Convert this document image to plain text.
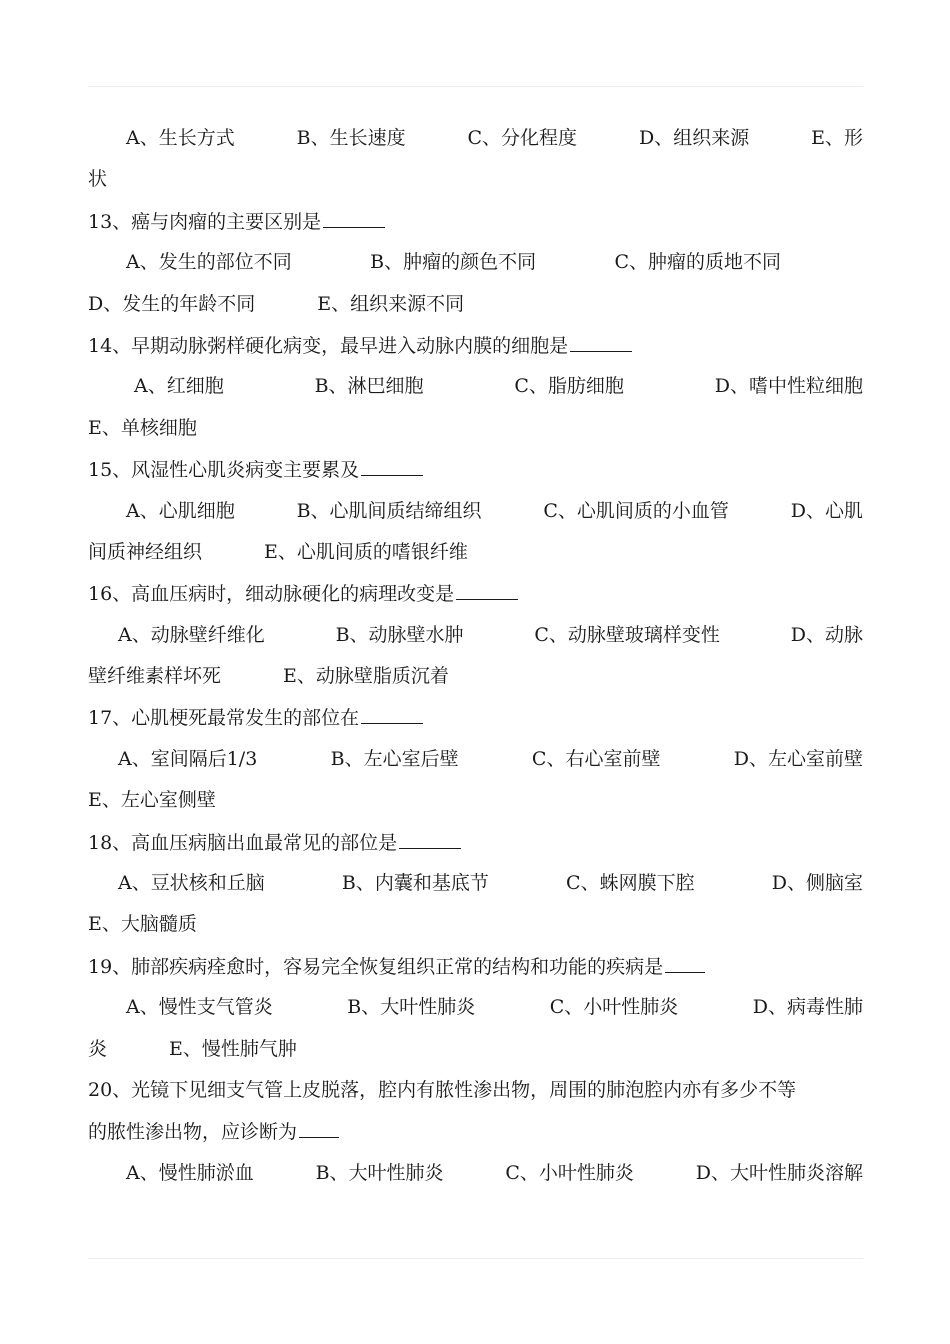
A、生长方式	B、生长速度	C、分化程度	D、组织来源	E、形
状
13、癌与肉瘤的主要区别是
A、发生的部位不同	B、肿瘤的颜色不同	C、肿瘤的质地不同
D、发生的年龄不同	E、组织来源不同
14、早期动脉粥样硬化病变，最早进入动脉内膜的细胞是
A、红细胞	B、淋巴细胞	C、脂肪细胞	D、嗜中性粒细胞
E、单核细胞
15、风湿性心肌炎病变主要累及
A、心肌细胞	B、心肌间质结缔组织	C、心肌间质的小血管	D、心肌
间质神经组织	E、心肌间质的嗜银纤维
16、高血压病时，细动脉硬化的病理改变是
A、动脉壁纤维化	B、动脉壁水肿	C、动脉壁玻璃样变性	D、动脉
壁纤维素样坏死	E、动脉壁脂质沉着
17、心肌梗死最常发生的部位在
A、室间隔后1/3	B、左心室后壁	C、右心室前壁	D、左心室前壁
E、左心室侧壁
18、高血压病脑出血最常见的部位是
A、豆状核和丘脑	B、内囊和基底节	C、蛛网膜下腔	D、侧脑室
E、大脑髓质
19、肺部疾病痊愈时，容易完全恢复组织正常的结构和功能的疾病是
A、慢性支气管炎	B、大叶性肺炎	C、小叶性肺炎	D、病毒性肺
炎	E、慢性肺气肿
20、光镜下见细支气管上皮脱落，腔内有脓性渗出物，周围的肺泡腔内亦有多少不等
的脓性渗出物，应诊断为
A、慢性肺淤血	B、大叶性肺炎	C、小叶性肺炎	D、大叶性肺炎溶解
